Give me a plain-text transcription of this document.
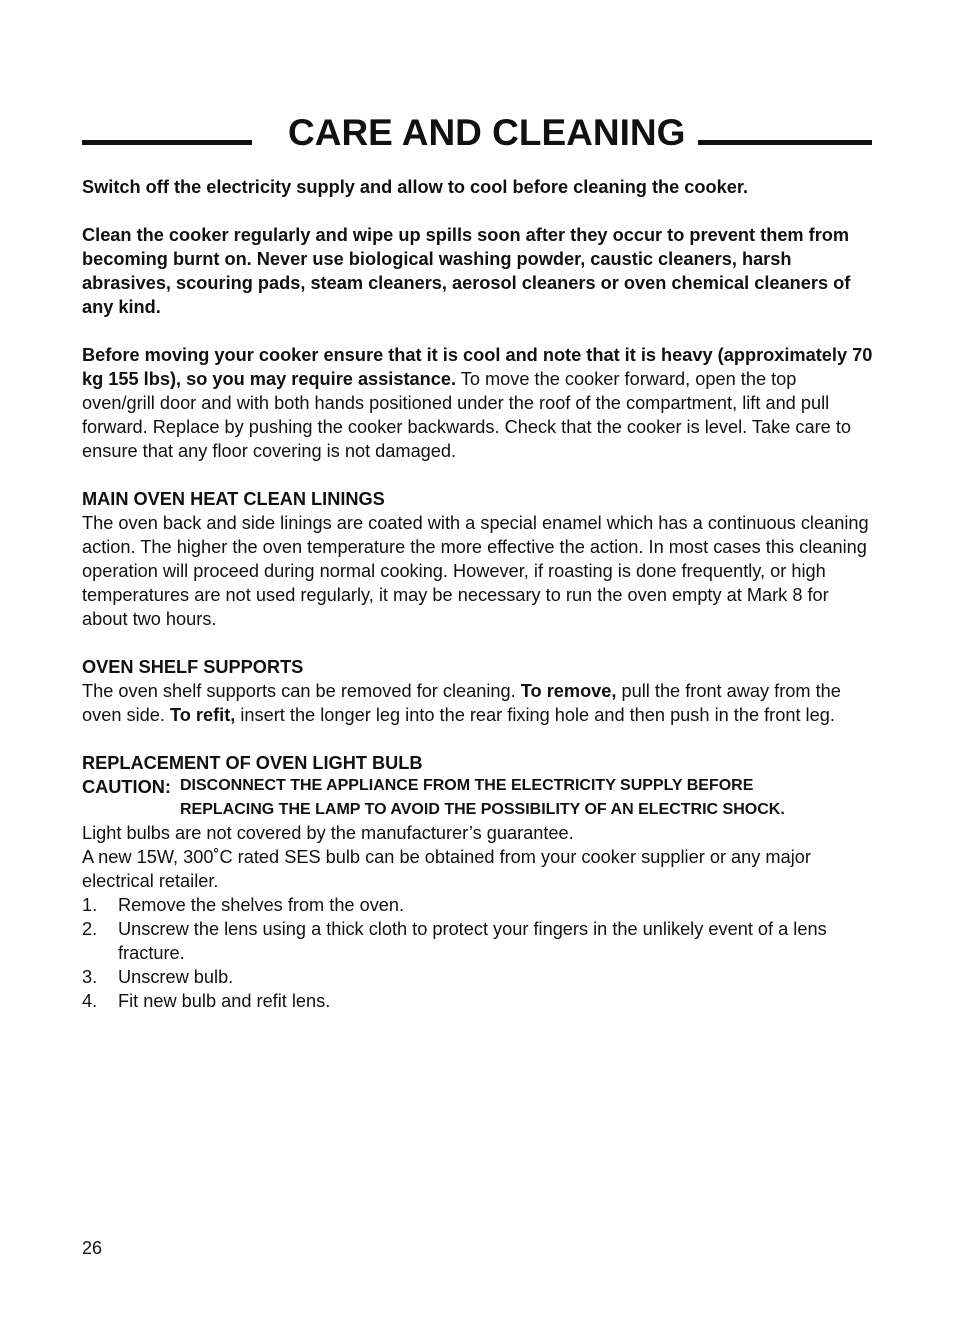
CARE AND CLEANING

Switch off the electricity supply and allow to cool before cleaning the cooker.

Clean the cooker regularly and wipe up spills soon after they occur to prevent them from becoming burnt on. Never use biological washing powder, caustic cleaners, harsh abrasives, scouring pads, steam cleaners, aerosol cleaners or oven chemical cleaners of any kind.

Before moving your cooker ensure that it is cool and note that it is heavy (approximately 70 kg 155 lbs), so you may require assistance. To move the cooker forward, open the top oven/grill door and with both hands positioned under the roof of the compartment, lift and pull forward. Replace by pushing the cooker backwards. Check that the cooker is level. Take care to ensure that any floor covering is not damaged.

MAIN OVEN HEAT CLEAN LININGS

The oven back and side linings are coated with a special enamel which has a continuous cleaning action. The higher the oven temperature the more effective the action. In most cases this cleaning operation will proceed during normal cooking. However, if roasting is done frequently, or high temperatures are not used regularly, it may be necessary to run the oven empty at Mark 8 for about two hours.

OVEN SHELF SUPPORTS

The oven shelf supports can be removed for cleaning. To remove, pull the front away from the oven side. To refit, insert the longer leg into the rear fixing hole and then push in the front leg.

REPLACEMENT OF OVEN LIGHT BULB

CAUTION: DISCONNECT THE APPLIANCE FROM THE ELECTRICITY SUPPLY BEFORE
REPLACING THE LAMP TO AVOID THE POSSIBILITY OF AN ELECTRIC SHOCK.

Light bulbs are not covered by the manufacturer’s guarantee.

A new 15W, 300˚C rated SES bulb can be obtained from your cooker supplier or any major electrical retailer.

1.	Remove the shelves from the oven.
2.	Unscrew the lens using a thick cloth to protect your fingers in the unlikely event of a lens fracture.
3.	Unscrew bulb.
4.	Fit new bulb and refit lens.
26
